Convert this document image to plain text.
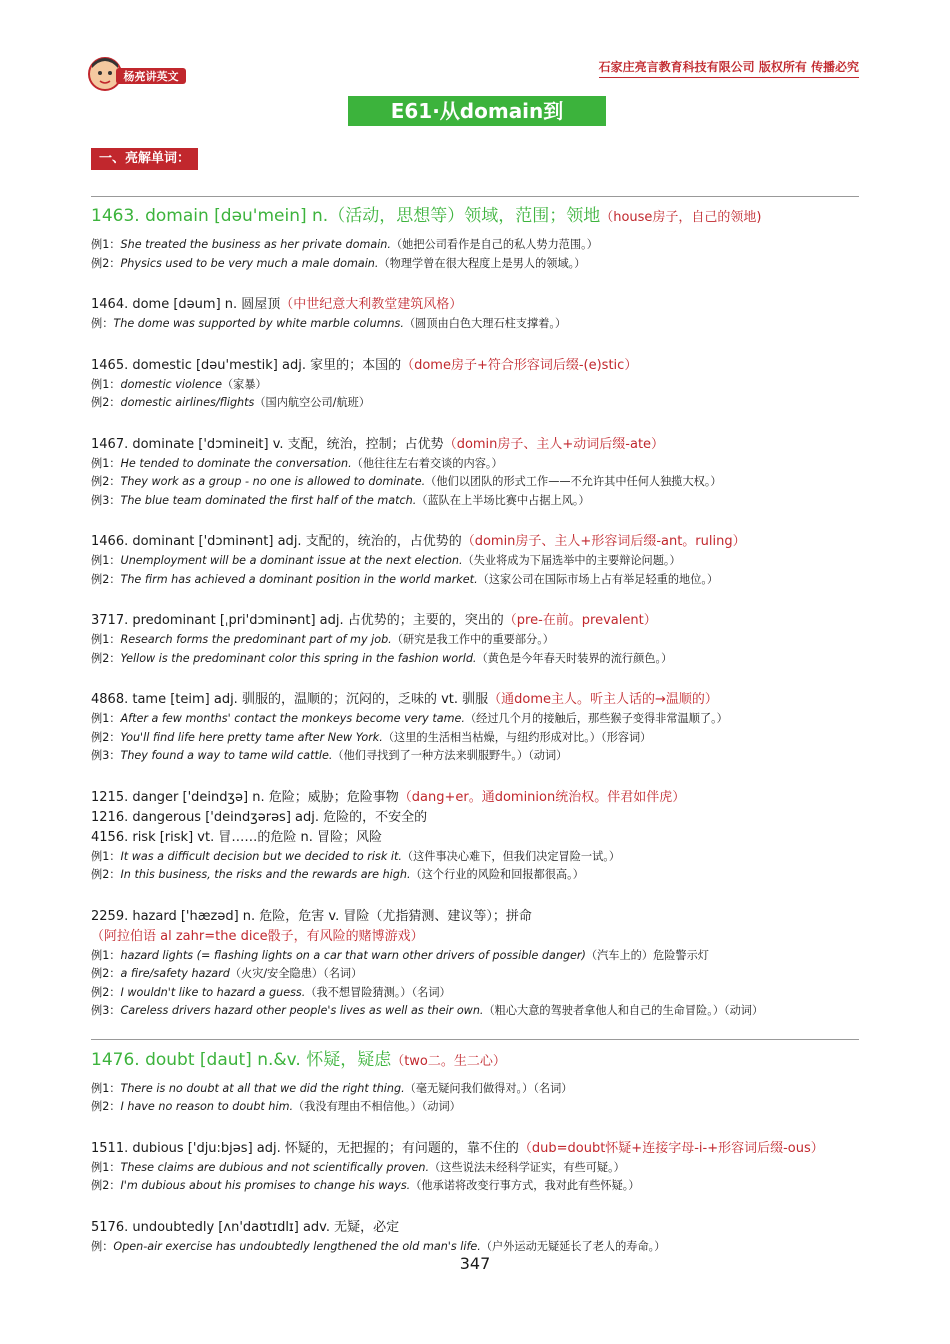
杨亮讲英文
石家庄亮言教育科技有限公司 版权所有 传播必究
E61·从domain到durable
一、亮解单词：
1463. domain [dəu'mein] n.（活动，思想等）领域，范围；领地（house房子，自己的领地)
例1：She treated the business as her private domain.（她把公司看作是自己的私人势力范围。）
例2：Physics used to be very much a male domain.（物理学曾在很大程度上是男人的领域。）
1464. dome [dəum] n. 圆屋顶（中世纪意大利教堂建筑风格）
例：The dome was supported by white marble columns.（圆顶由白色大理石柱支撑着。）
1465. domestic [dəu'mestik] adj. 家里的；本国的（dome房子+符合形容词后缀-(e)stic）
例1：domestic violence（家暴）
例2：domestic airlines/flights（国内航空公司/航班）
1467. dominate ['dɔmineit] v. 支配，统治，控制；占优势（domin房子、主人+动词后缀-ate）
例1：He tended to dominate the conversation.（他往往左右着交谈的内容。）
例2：They work as a group - no one is allowed to dominate.（他们以团队的形式工作——不允许其中任何人独揽大权。）
例3：The blue team dominated the first half of the match.（蓝队在上半场比赛中占据上风。）
1466. dominant ['dɔminənt] adj. 支配的，统治的，占优势的（domin房子、主人+形容词后缀-ant。ruling）
例1：Unemployment will be a dominant issue at the next election.（失业将成为下届选举中的主要辩论问题。）
例2：The firm has achieved a dominant position in the world market.（这家公司在国际市场上占有举足轻重的地位。）
3717. predominant [ˌpri'dɔminənt] adj. 占优势的；主要的，突出的（pre-在前。prevalent）
例1：Research forms the predominant part of my job.（研究是我工作中的重要部分。）
例2：Yellow is the predominant color this spring in the fashion world.（黄色是今年春天时装界的流行颜色。）
4868. tame [teim] adj. 驯服的，温顺的；沉闷的，乏味的 vt. 驯服（通dome主人。听主人话的→温顺的）
例1：After a few months' contact the monkeys become very tame.（经过几个月的接触后，那些猴子变得非常温顺了。）
例2：You'll find life here pretty tame after New York.（这里的生活相当枯燥，与纽约形成对比。）（形容词）
例3：They found a way to tame wild cattle.（他们寻找到了一种方法来驯服野牛。）（动词）
1215. danger ['deindʒə] n. 危险；威胁；危险事物（dang+er。通dominion统治权。伴君如伴虎）
1216. dangerous ['deindʒərəs] adj. 危险的，不安全的
4156. risk [risk] vt. 冒……的危险 n. 冒险；风险
例1：It was a difficult decision but we decided to risk it.（这件事决心难下，但我们决定冒险一试。）
例2：In this business, the risks and the rewards are high.（这个行业的风险和回报都很高。）
2259. hazard ['hæzəd] n. 危险，危害 v. 冒险（尤指猜测、建议等）；拼命（阿拉伯语 al zahr=the dice骰子，有风险的赌博游戏）
例1：hazard lights (= flashing lights on a car that warn other drivers of possible danger)（汽车上的）危险警示灯
例2：a fire/safety hazard（火灾/安全隐患）（名词）
例2：I wouldn't like to hazard a guess.（我不想冒险猜测。）（名词）
例3：Careless drivers hazard other people's lives as well as their own.（粗心大意的驾驶者拿他人和自己的生命冒险。）（动词）
1476. doubt [daut] n.&v. 怀疑，疑虑（two二。生二心）
例1：There is no doubt at all that we did the right thing.（毫无疑问我们做得对。）（名词）
例2：I have no reason to doubt him.（我没有理由不相信他。）（动词）
1511. dubious ['dju:bjəs] adj. 怀疑的，无把握的；有问题的，靠不住的（dub=doubt怀疑+连接字母-i-+形容词后缀-ous）
例1：These claims are dubious and not scientifically proven.（这些说法未经科学证实，有些可疑。）
例2：I'm dubious about his promises to change his ways.（他承诺将改变行事方式，我对此有些怀疑。）
5176. undoubtedly [ʌn'daʊtɪdlɪ] adv. 无疑，必定
例：Open-air exercise has undoubtedly lengthened the old man's life.（户外运动无疑延长了老人的寿命。）
347
